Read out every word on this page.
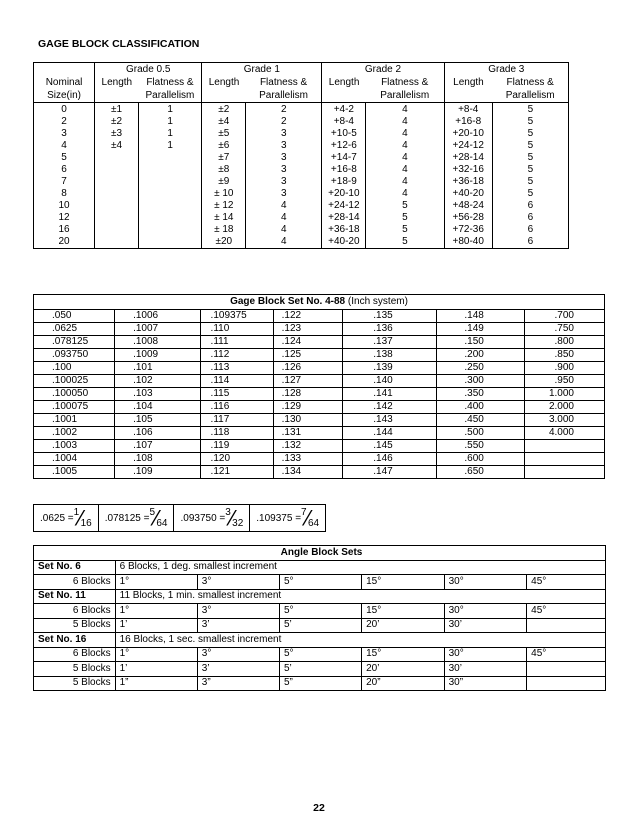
GAGE BLOCK CLASSIFICATION
	Grade 0.5		Grade 1		Grade 2		Grade 3	
Nominal	Length	Flatness &	Length	Flatness &	Length	Flatness &	Length	Flatness &
Size(in)		Parallelism		Parallelism		Parallelism		Parallelism
0	±1	1	±2	2	+4-2	4	+8-4	5
2	±2	1	±4	2	+8-4	4	+16-8	5
3	±3	1	±5	3	+10-5	4	+20-10	5
4	±4	1	±6	3	+12-6	4	+24-12	5
5			±7	3	+14-7	4	+28-14	5
6			±8	3	+16-8	4	+32-16	5
7			±9	3	+18-9	4	+36-18	5
8			± 10	3	+20-10	4	+40-20	5
10			± 12	4	+24-12	5	+48-24	6
12			± 14	4	+28-14	5	+56-28	6
16			± 18	4	+36-18	5	+72-36	6
20			±20	4	+40-20	5	+80-40	6
Gage Block Set No. 4-88 (Inch system)						
.050	.1006	.109375	.122	.135	.148	.700
.0625	.1007	.110	.123	.136	.149	.750
.078125	.1008	.111	.124	.137	.150	.800
.093750	.1009	.112	.125	.138	.200	.850
.100	.101	.113	.126	.139	.250	.900
.100025	.102	.114	.127	.140	.300	.950
.100050	.103	.115	.128	.141	.350	1.000
.100075	.104	.116	.129	.142	.400	2.000
.1001	.105	.117	.130	.143	.450	3.000
.1002	.106	.118	.131	.144	.500	4.000
.1003	.107	.119	.132	.145	.550	
.1004	.108	.120	.133	.146	.600	
.1005	.109	.121	.134	.147	.650	
.0625 =
1 ⁄ 16 .078125 =
5 ⁄ 64 .093750 =
3 ⁄ 32 .109375 =
7 ⁄ 64
Angle Block Sets						
Set No. 6	6 Blocks, 1 deg. smallest increment					
6 Blocks	1°	3°	5°	15°	30°	45°
Set No. 11	11 Blocks, 1 min. smallest increment					
6 Blocks	1°	3°	5°	15°	30°	45°
5 Blocks	1’	3’	5’	20’	30’	
Set No. 16	16 Blocks, 1 sec. smallest increment					
6 Blocks	1°	3°	5°	15°	30°	45°
5 Blocks	1’	3’	5’	20’	30’	
5 Blocks	1”	3”	5”	20”	30”	
22
